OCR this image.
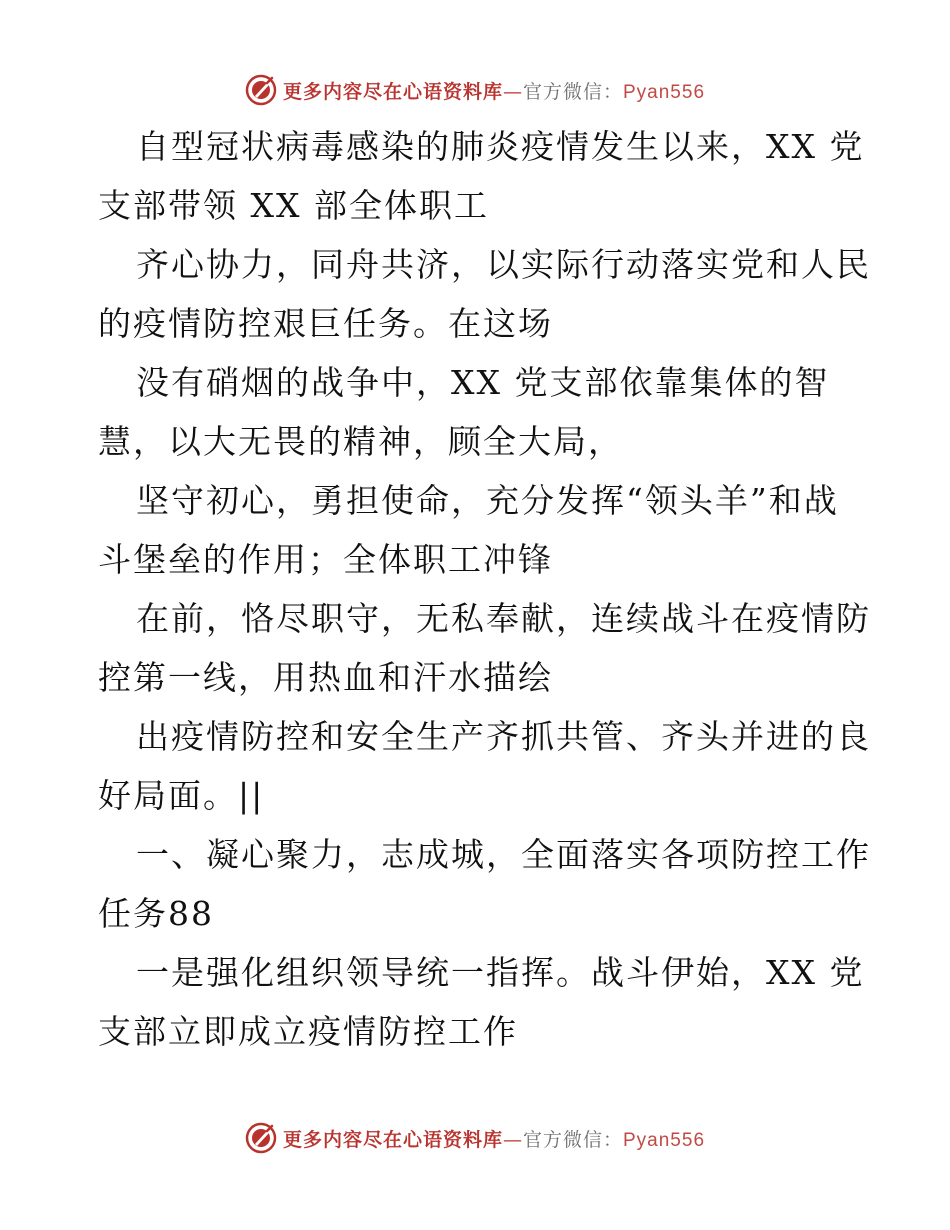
更多内容尽在心语资料库—官方微信：Pyan556

自型冠状病毒感染的肺炎疫情发生以来，XX 党
支部带领 XX 部全体职工

齐心协力，同舟共济，以实际行动落实党和人民
的疫情防控艰巨任务。在这场

没有硝烟的战争中，XX 党支部依靠集体的智
慧，以大无畏的精神，顾全大局，

坚守初心，勇担使命，充分发挥“领头羊”和战
斗堡垒的作用；全体职工冲锋

在前，恪尽职守，无私奉献，连续战斗在疫情防
控第一线，用热血和汗水描绘

出疫情防控和安全生产齐抓共管、齐头并进的良
好局面。||

一、凝心聚力，志成城，全面落实各项防控工作
任务88

一是强化组织领导统一指挥。战斗伊始，XX 党
支部立即成立疫情防控工作

更多内容尽在心语资料库—官方微信：Pyan556
